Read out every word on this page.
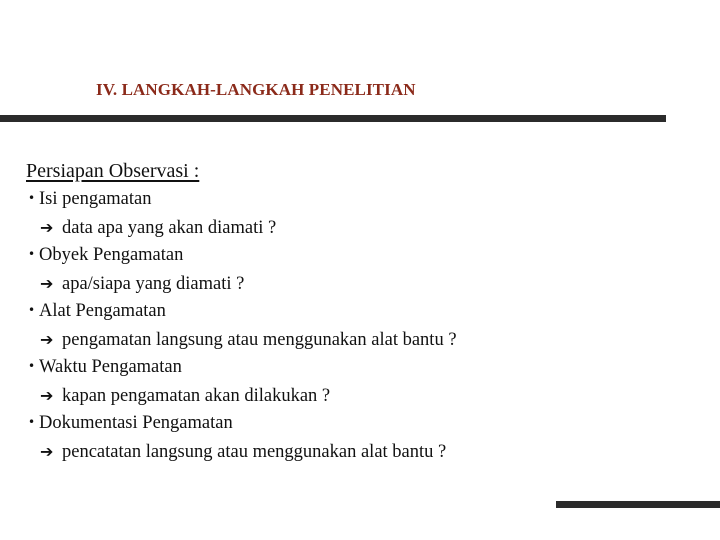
IV. LANGKAH-LANGKAH PENELITIAN
Persiapan Observasi :
• Isi pengamatan
➔ data apa yang akan diamati ?
• Obyek Pengamatan
➔ apa/siapa yang diamati ?
• Alat Pengamatan
➔ pengamatan langsung atau menggunakan alat bantu ?
• Waktu Pengamatan
➔ kapan pengamatan akan dilakukan ?
• Dokumentasi Pengamatan
➔ pencatatan langsung atau menggunakan alat bantu ?
